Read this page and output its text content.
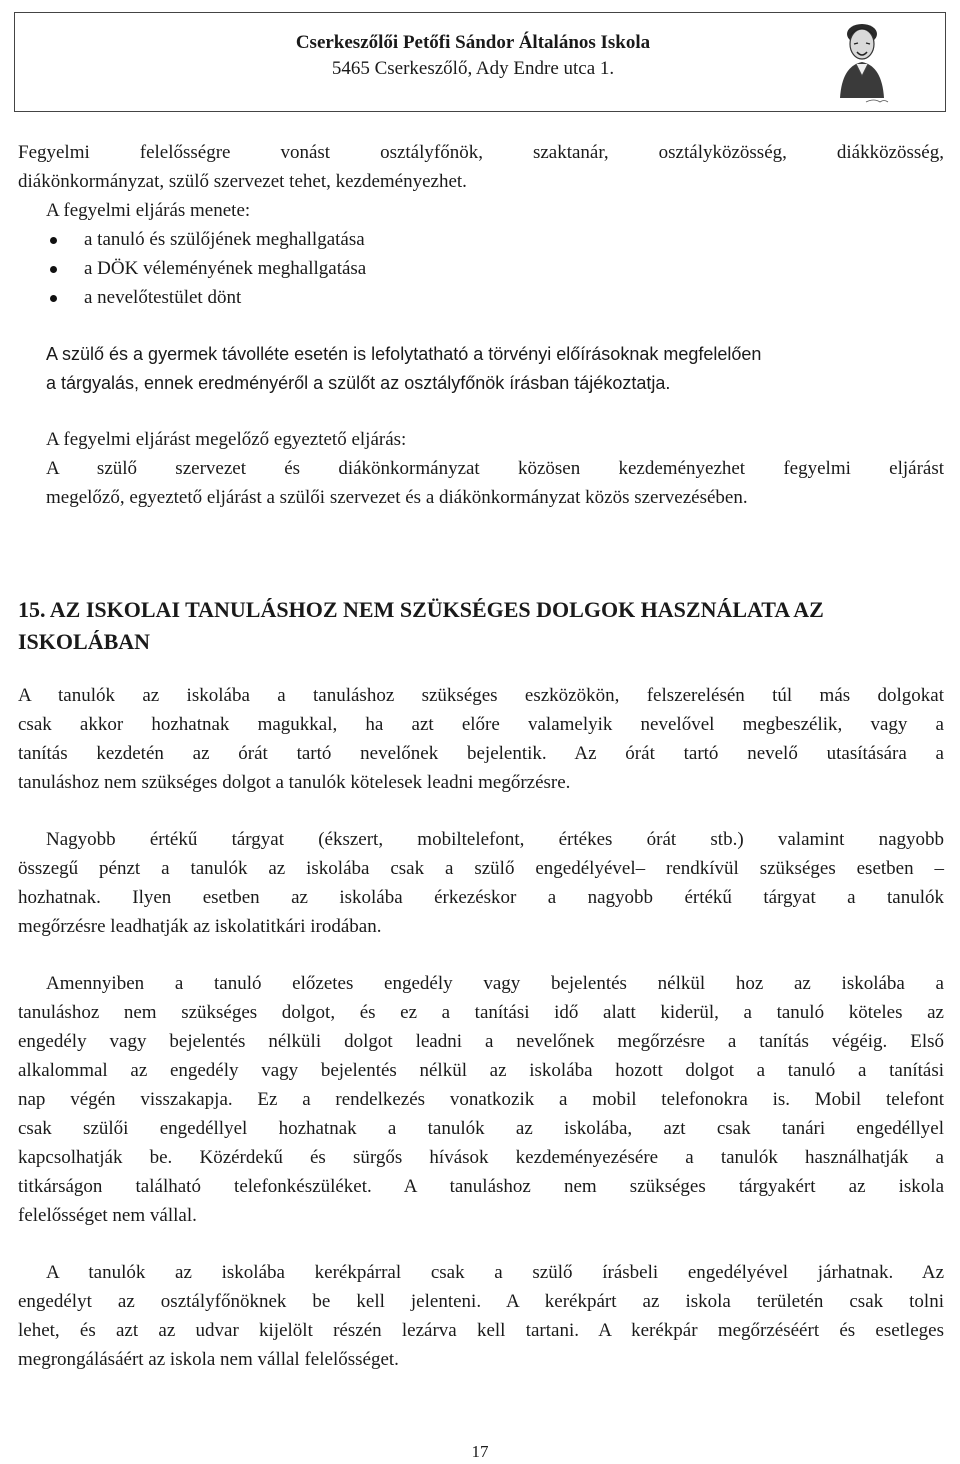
Cserkeszőlői Petőfi Sándor Általános Iskola
5465 Cserkeszőlő, Ady Endre utca 1.
Fegyelmi felelősségre vonást osztályfőnök, szaktanár, osztályközösség, diákközösség,
diákönkormányzat, szülő szervezet tehet, kezdeményezhet.
A fegyelmi eljárás menete:
a tanuló és szülőjének meghallgatása
a DÖK véleményének meghallgatása
a nevelőtestület dönt
A szülő és a gyermek távolléte esetén is lefolytatható a törvényi előírásoknak megfelelően
a tárgyalás, ennek eredményéről a szülőt az osztályfőnök írásban tájékoztatja.
A fegyelmi eljárást megelőző egyeztető eljárás:
A szülő szervezet és diákönkormányzat közösen kezdeményezhet fegyelmi eljárást
megelőző, egyeztető eljárást a szülői szervezet és a diákönkormányzat közös szervezésében.
15. AZ ISKOLAI TANULÁSHOZ NEM SZÜKSÉGES DOLGOK HASZNÁLATA AZ
ISKOLÁBAN
A tanulók az iskolába a tanuláshoz szükséges eszközökön, felszerelésén túl más dolgokat
csak akkor hozhatnak magukkal, ha azt előre valamelyik nevelővel megbeszélik, vagy a
tanítás kezdetén az órát tartó nevelőnek bejelentik. Az órát tartó nevelő utasítására a
tanuláshoz nem szükséges dolgot a tanulók kötelesek leadni megőrzésre.
Nagyobb értékű tárgyat (ékszert, mobiltelefont, értékes órát stb.) valamint nagyobb
összegű pénzt a tanulók az iskolába csak a szülő engedélyével– rendkívül szükséges esetben –
hozhatnak. Ilyen esetben az iskolába érkezéskor a nagyobb értékű tárgyat a tanulók
megőrzésre leadhatják az iskolatitkári irodában.
Amennyiben a tanuló előzetes engedély vagy bejelentés nélkül hoz az iskolába a
tanuláshoz nem szükséges dolgot, és ez a tanítási idő alatt kiderül, a tanuló köteles az
engedély vagy bejelentés nélküli dolgot leadni a nevelőnek megőrzésre a tanítás végéig. Első
alkalommal az engedély vagy bejelentés nélkül az iskolába hozott dolgot a tanuló a tanítási
nap végén visszakapja. Ez a rendelkezés vonatkozik a mobil telefonokra is. Mobil telefont
csak szülői engedéllyel hozhatnak a tanulók az iskolába, azt csak tanári engedéllyel
kapcsolhatják be. Közérdekű és sürgős hívások kezdeményezésére a tanulók használhatják a
titkárságon található telefonkészüléket. A tanuláshoz nem szükséges tárgyakért az iskola
felelősséget nem vállal.
A tanulók az iskolába kerékpárral csak a szülő írásbeli engedélyével járhatnak. Az
engedélyt az osztályfőnöknek be kell jelenteni. A kerékpárt az iskola területén csak tolni
lehet, és azt az udvar kijelölt részén lezárva kell tartani. A kerékpár megőrzéséért és esetleges
megrongálásáért az iskola nem vállal felelősséget.
17
